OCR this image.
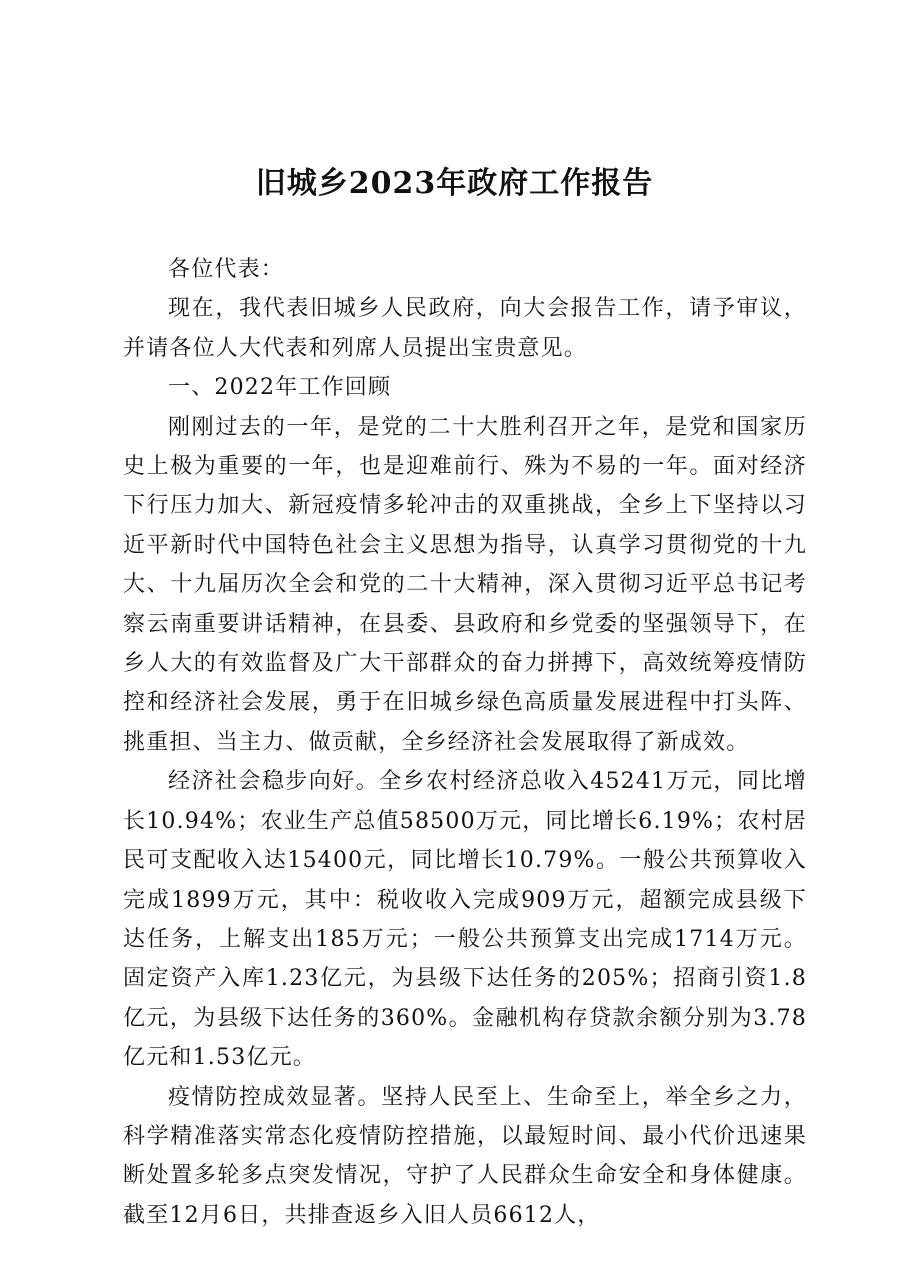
旧城乡2023年政府工作报告

各位代表：

现在，我代表旧城乡人民政府，向大会报告工作，请予审议，并请各位人大代表和列席人员提出宝贵意见。

一、2022年工作回顾

刚刚过去的一年，是党的二十大胜利召开之年，是党和国家历史上极为重要的一年，也是迎难前行、殊为不易的一年。面对经济下行压力加大、新冠疫情多轮冲击的双重挑战，全乡上下坚持以习近平新时代中国特色社会主义思想为指导，认真学习贯彻党的十九大、十九届历次全会和党的二十大精神，深入贯彻习近平总书记考察云南重要讲话精神，在县委、县政府和乡党委的坚强领导下，在乡人大的有效监督及广大干部群众的奋力拼搏下，高效统筹疫情防控和经济社会发展，勇于在旧城乡绿色高质量发展进程中打头阵、挑重担、当主力、做贡献，全乡经济社会发展取得了新成效。

经济社会稳步向好。全乡农村经济总收入45241万元，同比增长10.94%；农业生产总值58500万元，同比增长6.19%；农村居民可支配收入达15400元，同比增长10.79%。一般公共预算收入完成1899万元，其中：税收收入完成909万元，超额完成县级下达任务，上解支出185万元；一般公共预算支出完成1714万元。固定资产入库1.23亿元，为县级下达任务的205%；招商引资1.8亿元，为县级下达任务的360%。金融机构存贷款余额分别为3.78亿元和1.53亿元。

疫情防控成效显著。坚持人民至上、生命至上，举全乡之力，科学精准落实常态化疫情防控措施，以最短时间、最小代价迅速果断处置多轮多点突发情况，守护了人民群众生命安全和身体健康。截至12月6日，共排查返乡入旧人员6612人，
